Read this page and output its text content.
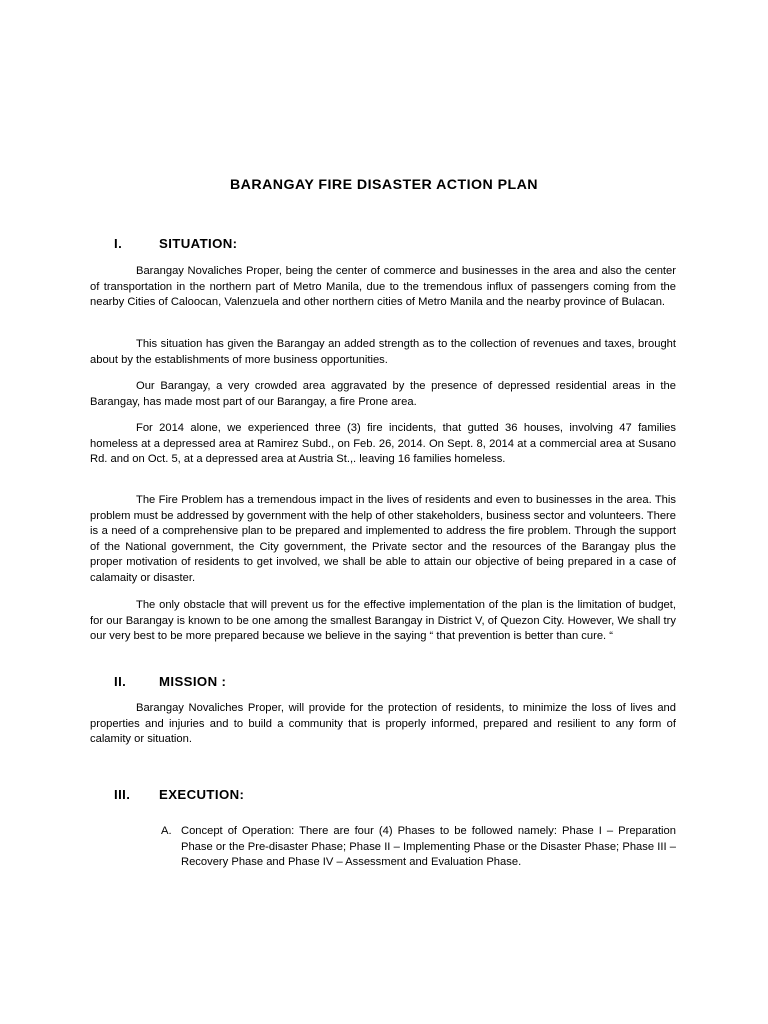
BARANGAY FIRE DISASTER ACTION PLAN
I.	SITUATION:

Barangay Novaliches Proper, being the center of commerce and businesses in the area and also the center of transportation in the northern part of Metro Manila, due to the tremendous influx of passengers coming from the nearby Cities of Caloocan, Valenzuela and other northern cities of Metro Manila and the nearby province of Bulacan.

This situation has given the Barangay an added strength as to the collection of revenues and taxes, brought about by the establishments of more business opportunities.

Our Barangay, a very crowded area aggravated by the presence of depressed residential areas in the Barangay, has made most part of our Barangay, a fire Prone area.

For 2014 alone, we experienced three (3) fire incidents, that gutted 36 houses, involving 47 families homeless at a depressed area at Ramirez Subd., on Feb. 26, 2014. On Sept. 8, 2014 at a commercial area at Susano Rd. and on Oct. 5, at a depressed area at Austria St.,. leaving 16 families homeless.

The Fire Problem has a tremendous impact in the lives of residents and even to businesses in the area. This problem must be addressed by government with the help of other stakeholders, business sector and volunteers. There is a need of a comprehensive plan to be prepared and implemented to address the fire problem. Through the support of the National government, the City government, the Private sector and the resources of the Barangay plus the proper motivation of residents to get involved, we shall be able to attain our objective of being prepared in a case of calamaity or disaster.

The only obstacle that will prevent us for the effective implementation of the plan is the limitation of budget, for our Barangay is known to be one among the smallest Barangay in District V, of Quezon City. However, We shall try our very best to be more prepared because we believe in the saying “ that prevention is better than cure. “

II. MISSION :

Barangay Novaliches Proper, will provide for the protection of residents, to minimize the loss of lives and properties and injuries and to build a community that is properly informed, prepared and resilient to any form of calamity or situation.

III. EXECUTION:
A. Concept of Operation: There are four (4) Phases to be followed namely: Phase I – Preparation Phase or the Pre-disaster Phase; Phase II – Implementing Phase or the Disaster Phase; Phase III – Recovery Phase and Phase IV – Assessment and Evaluation Phase.
